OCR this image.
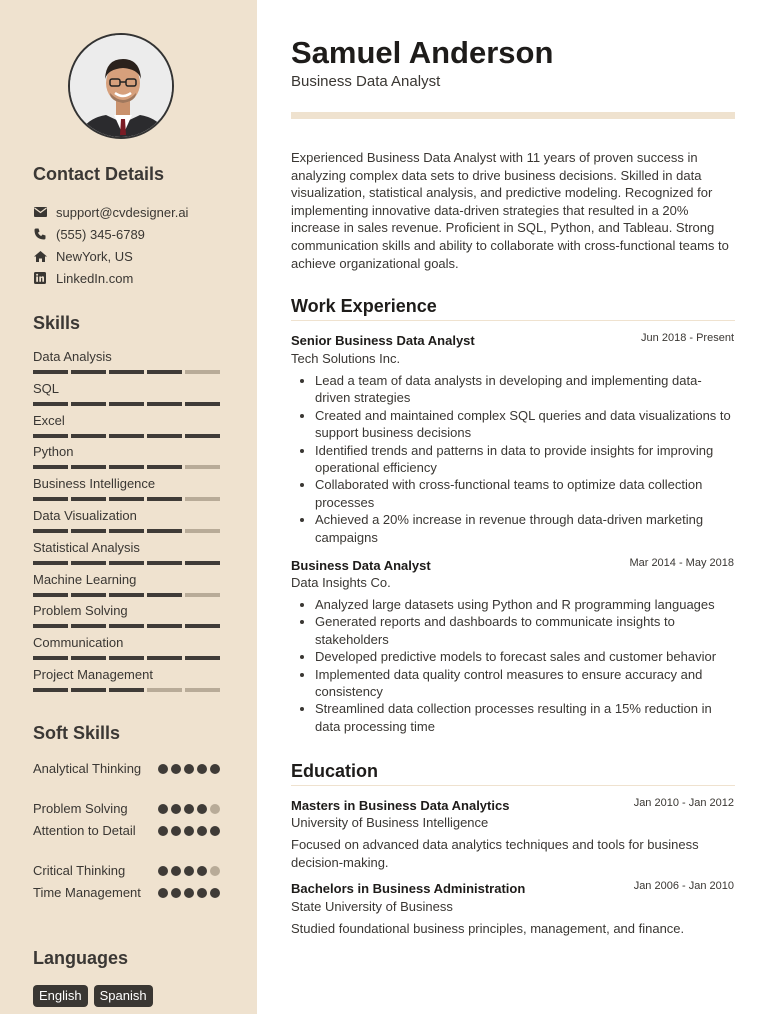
Contact Details
support@cvdesigner.ai
(555) 345-6789
NewYork, US
LinkedIn.com
Skills
Data Analysis
SQL
Excel
Python
Business Intelligence
Data Visualization
Statistical Analysis
Machine Learning
Problem Solving
Communication
Project Management
Soft Skills
Analytical Thinking
Problem Solving
Attention to Detail
Critical Thinking
Time Management
Languages
English	Spanish
Samuel Anderson
Business Data Analyst
Experienced Business Data Analyst with 11 years of proven success in analyzing complex data sets to drive business decisions. Skilled in data visualization, statistical analysis, and predictive modeling. Recognized for implementing innovative data-driven strategies that resulted in a 20% increase in sales revenue. Proficient in SQL, Python, and Tableau. Strong communication skills and ability to collaborate with cross-functional teams to achieve organizational goals.
Work Experience
Senior Business Data Analyst	Jun 2018 - Present
Tech Solutions Inc.
Lead a team of data analysts in developing and implementing data-driven strategies
Created and maintained complex SQL queries and data visualizations to support business decisions
Identified trends and patterns in data to provide insights for improving operational efficiency
Collaborated with cross-functional teams to optimize data collection processes
Achieved a 20% increase in revenue through data-driven marketing campaigns
Business Data Analyst	Mar 2014 - May 2018
Data Insights Co.
Analyzed large datasets using Python and R programming languages
Generated reports and dashboards to communicate insights to stakeholders
Developed predictive models to forecast sales and customer behavior
Implemented data quality control measures to ensure accuracy and consistency
Streamlined data collection processes resulting in a 15% reduction in data processing time
Education
Masters in Business Data Analytics	Jan 2010 - Jan 2012
University of Business Intelligence
Focused on advanced data analytics techniques and tools for business decision-making.
Bachelors in Business Administration	Jan 2006 - Jan 2010
State University of Business
Studied foundational business principles, management, and finance.
